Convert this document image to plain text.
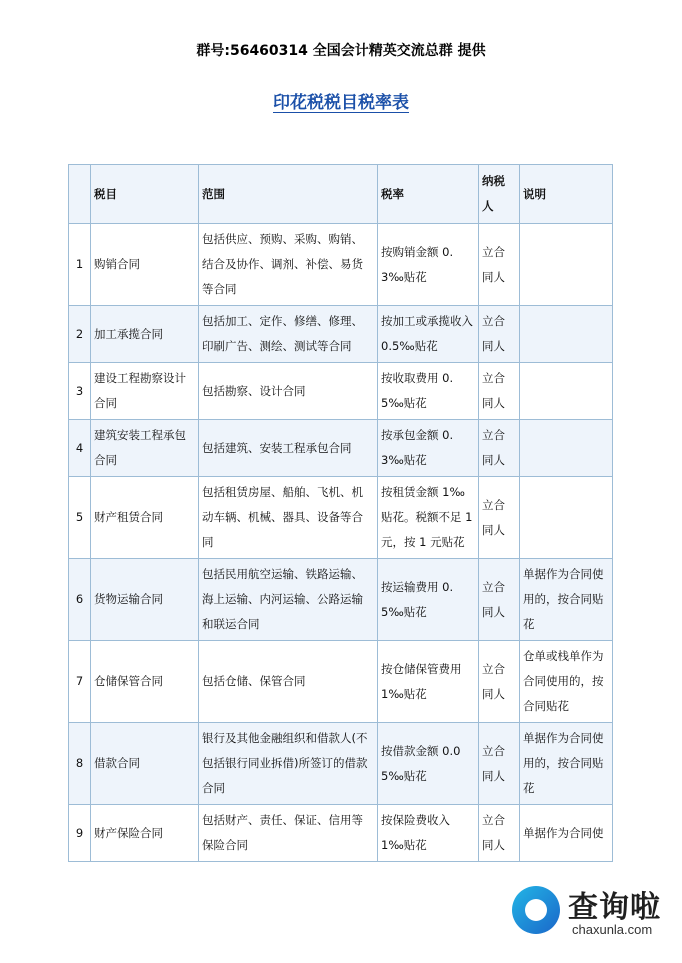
群号:56460314 全国会计精英交流总群 提供
印花税税目税率表
	税目	范围	税率	纳税人	说明
1	购销合同	包括供应、预购、采购、购销、结合及协作、调剂、补偿、易货等合同	按购销金额 0.3‰贴花	立合同人	
2	加工承揽合同	包括加工、定作、修缮、修理、印刷广告、测绘、测试等合同	按加工或承揽收入 0.5‰贴花	立合同人	
3	建设工程勘察设计合同	包括勘察、设计合同	按收取费用 0.5‰贴花	立合同人	
4	建筑安装工程承包合同	包括建筑、安装工程承包合同	按承包金额 0.3‰贴花	立合同人	
5	财产租赁合同	包括租赁房屋、船舶、飞机、机动车辆、机械、器具、设备等合同	按租赁金额 1‰贴花。税额不足 1 元，按 1 元贴花	立合同人	
6	货物运输合同	包括民用航空运输、铁路运输、海上运输、内河运输、公路运输和联运合同	按运输费用 0.5‰贴花	立合同人	单据作为合同使用的，按合同贴花
7	仓储保管合同	包括仓储、保管合同	按仓储保管费用 1‰贴花	立合同人	仓单或栈单作为合同使用的，按合同贴花
8	借款合同	银行及其他金融组织和借款人(不包括银行同业拆借)所签订的借款合同	按借款金额 0.05‰贴花	立合同人	单据作为合同使用的，按合同贴花
9	财产保险合同	包括财产、责任、保证、信用等保险合同	按保险费收入 1‰贴花	立合同人	单据作为合同使
查询啦
chaxunla.com
